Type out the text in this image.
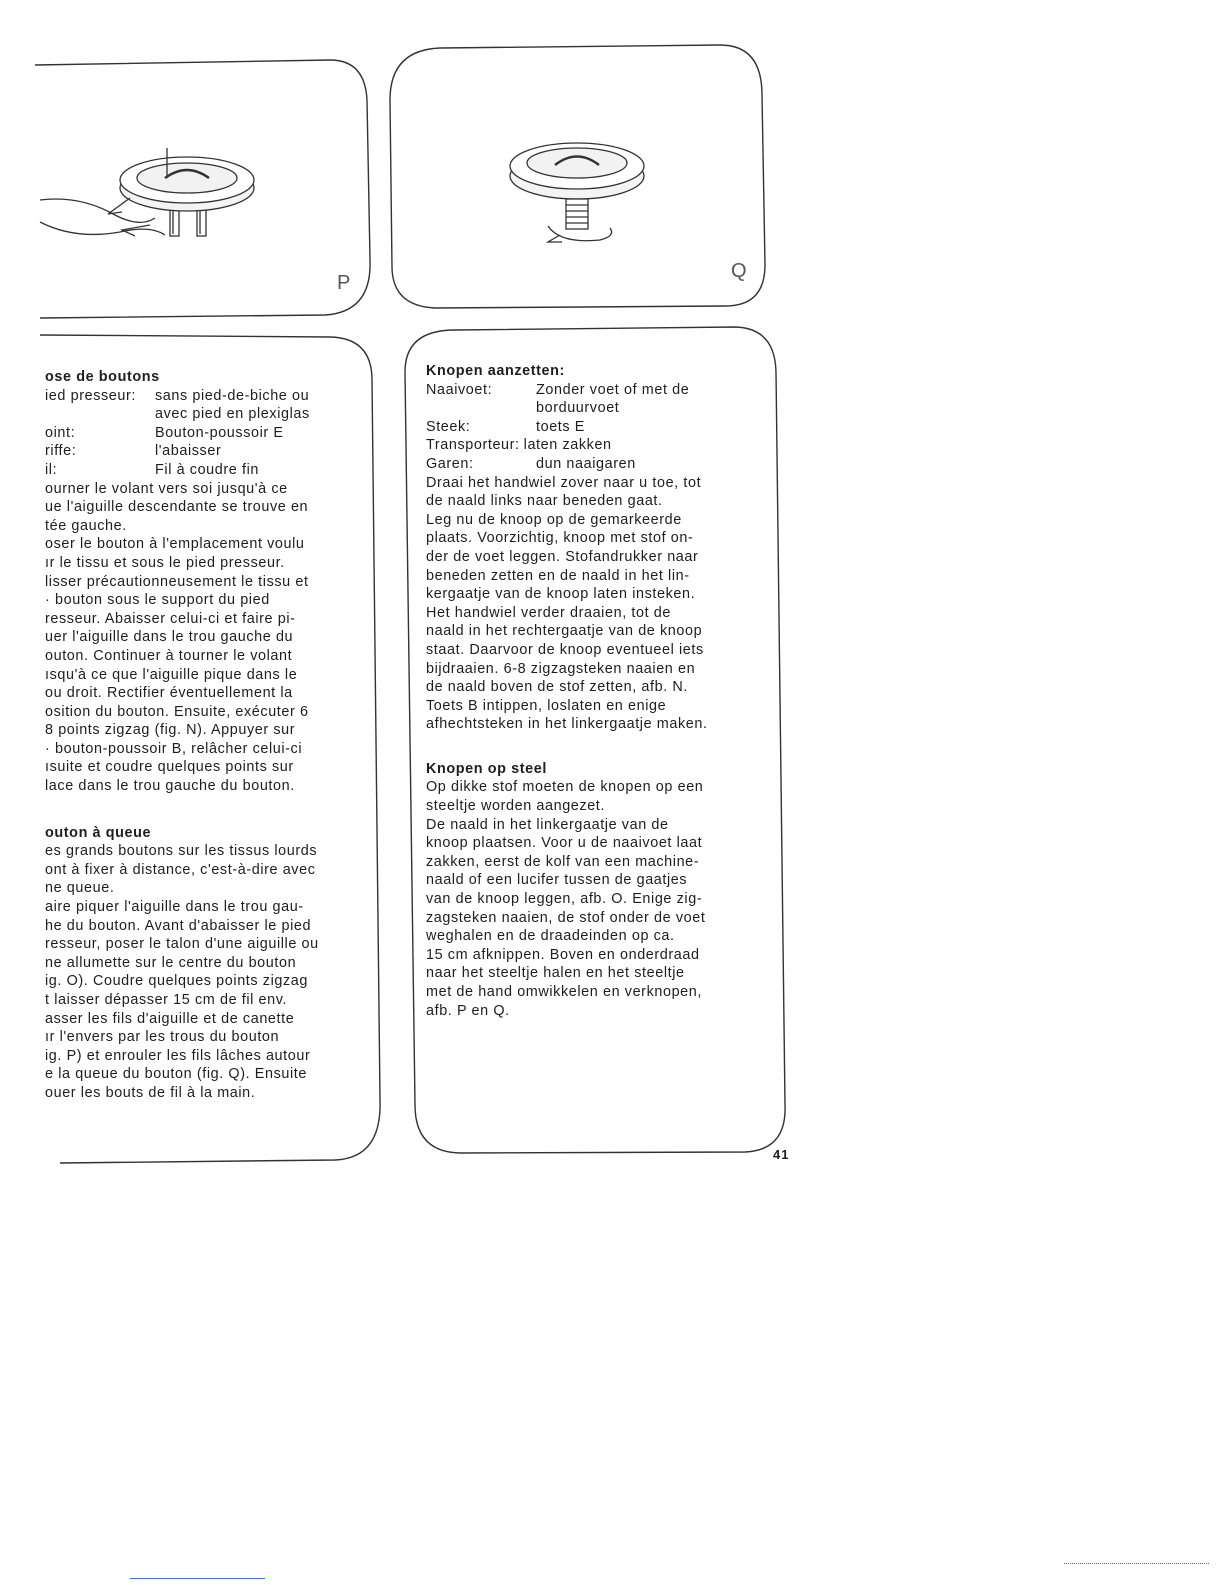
P
Q

ose de boutons

ied presseur:	sans pied-de-biche ou
avec pied en plexiglas
oint:	Bouton-poussoir E
riffe:	l'abaisser
il:	Fil à coudre fin

ourner le volant vers soi jusqu'à ce

ue l'aiguille descendante se trouve en

tée gauche.

oser le bouton à l'emplacement voulu

ır le tissu et sous le pied presseur.

lisser précautionneusement le tissu et

· bouton sous le support du pied

resseur. Abaisser celui-ci et faire pi-

uer l'aiguille dans le trou gauche du

outon. Continuer à tourner le volant

ısqu'à ce que l'aiguille pique dans le

ou droit. Rectifier éventuellement la

osition du bouton. Ensuite, exécuter 6

8 points zigzag (fig. N). Appuyer sur

· bouton-poussoir B, relâcher celui-ci

ısuite et coudre quelques points sur

lace dans le trou gauche du bouton.

outon à queue

es grands boutons sur les tissus lourds

ont à fixer à distance, c'est-à-dire avec

ne queue.

aire piquer l'aiguille dans le trou gau-

he du bouton. Avant d'abaisser le pied

resseur, poser le talon d'une aiguille ou

ne allumette sur le centre du bouton

ig. O). Coudre quelques points zigzag

t laisser dépasser 15 cm de fil env.

asser les fils d'aiguille et de canette

ır l'envers par les trous du bouton

ig. P) et enrouler les fils lâches autour

e la queue du bouton (fig. Q). Ensuite

ouer les bouts de fil à la main.

Knopen aanzetten:

Naaivoet:	Zonder voet of met de
borduurvoet
Steek:	toets E
Transporteur: laten zakken
Garen:	dun naaigaren

Draai het handwiel zover naar u toe, tot

de naald links naar beneden gaat.

Leg nu de knoop op de gemarkeerde

plaats. Voorzichtig, knoop met stof on-

der de voet leggen. Stofandrukker naar

beneden zetten en de naald in het lin-

kergaatje van de knoop laten insteken.

Het handwiel verder draaien, tot de

naald in het rechtergaatje van de knoop

staat. Daarvoor de knoop eventueel iets

bijdraaien. 6-8 zigzagsteken naaien en

de naald boven de stof zetten, afb. N.

Toets B intippen, loslaten en enige

afhechtsteken in het linkergaatje maken.

Knopen op steel

Op dikke stof moeten de knopen op een

steeltje worden aangezet.

De naald in het linkergaatje van de

knoop plaatsen. Voor u de naaivoet laat

zakken, eerst de kolf van een machine-

naald of een lucifer tussen de gaatjes

van de knoop leggen, afb. O. Enige zig-

zagsteken naaien, de stof onder de voet

weghalen en de draadeinden op ca.

15 cm afknippen. Boven en onderdraad

naar het steeltje halen en het steeltje

met de hand omwikkelen en verknopen,

afb. P en Q.

41
